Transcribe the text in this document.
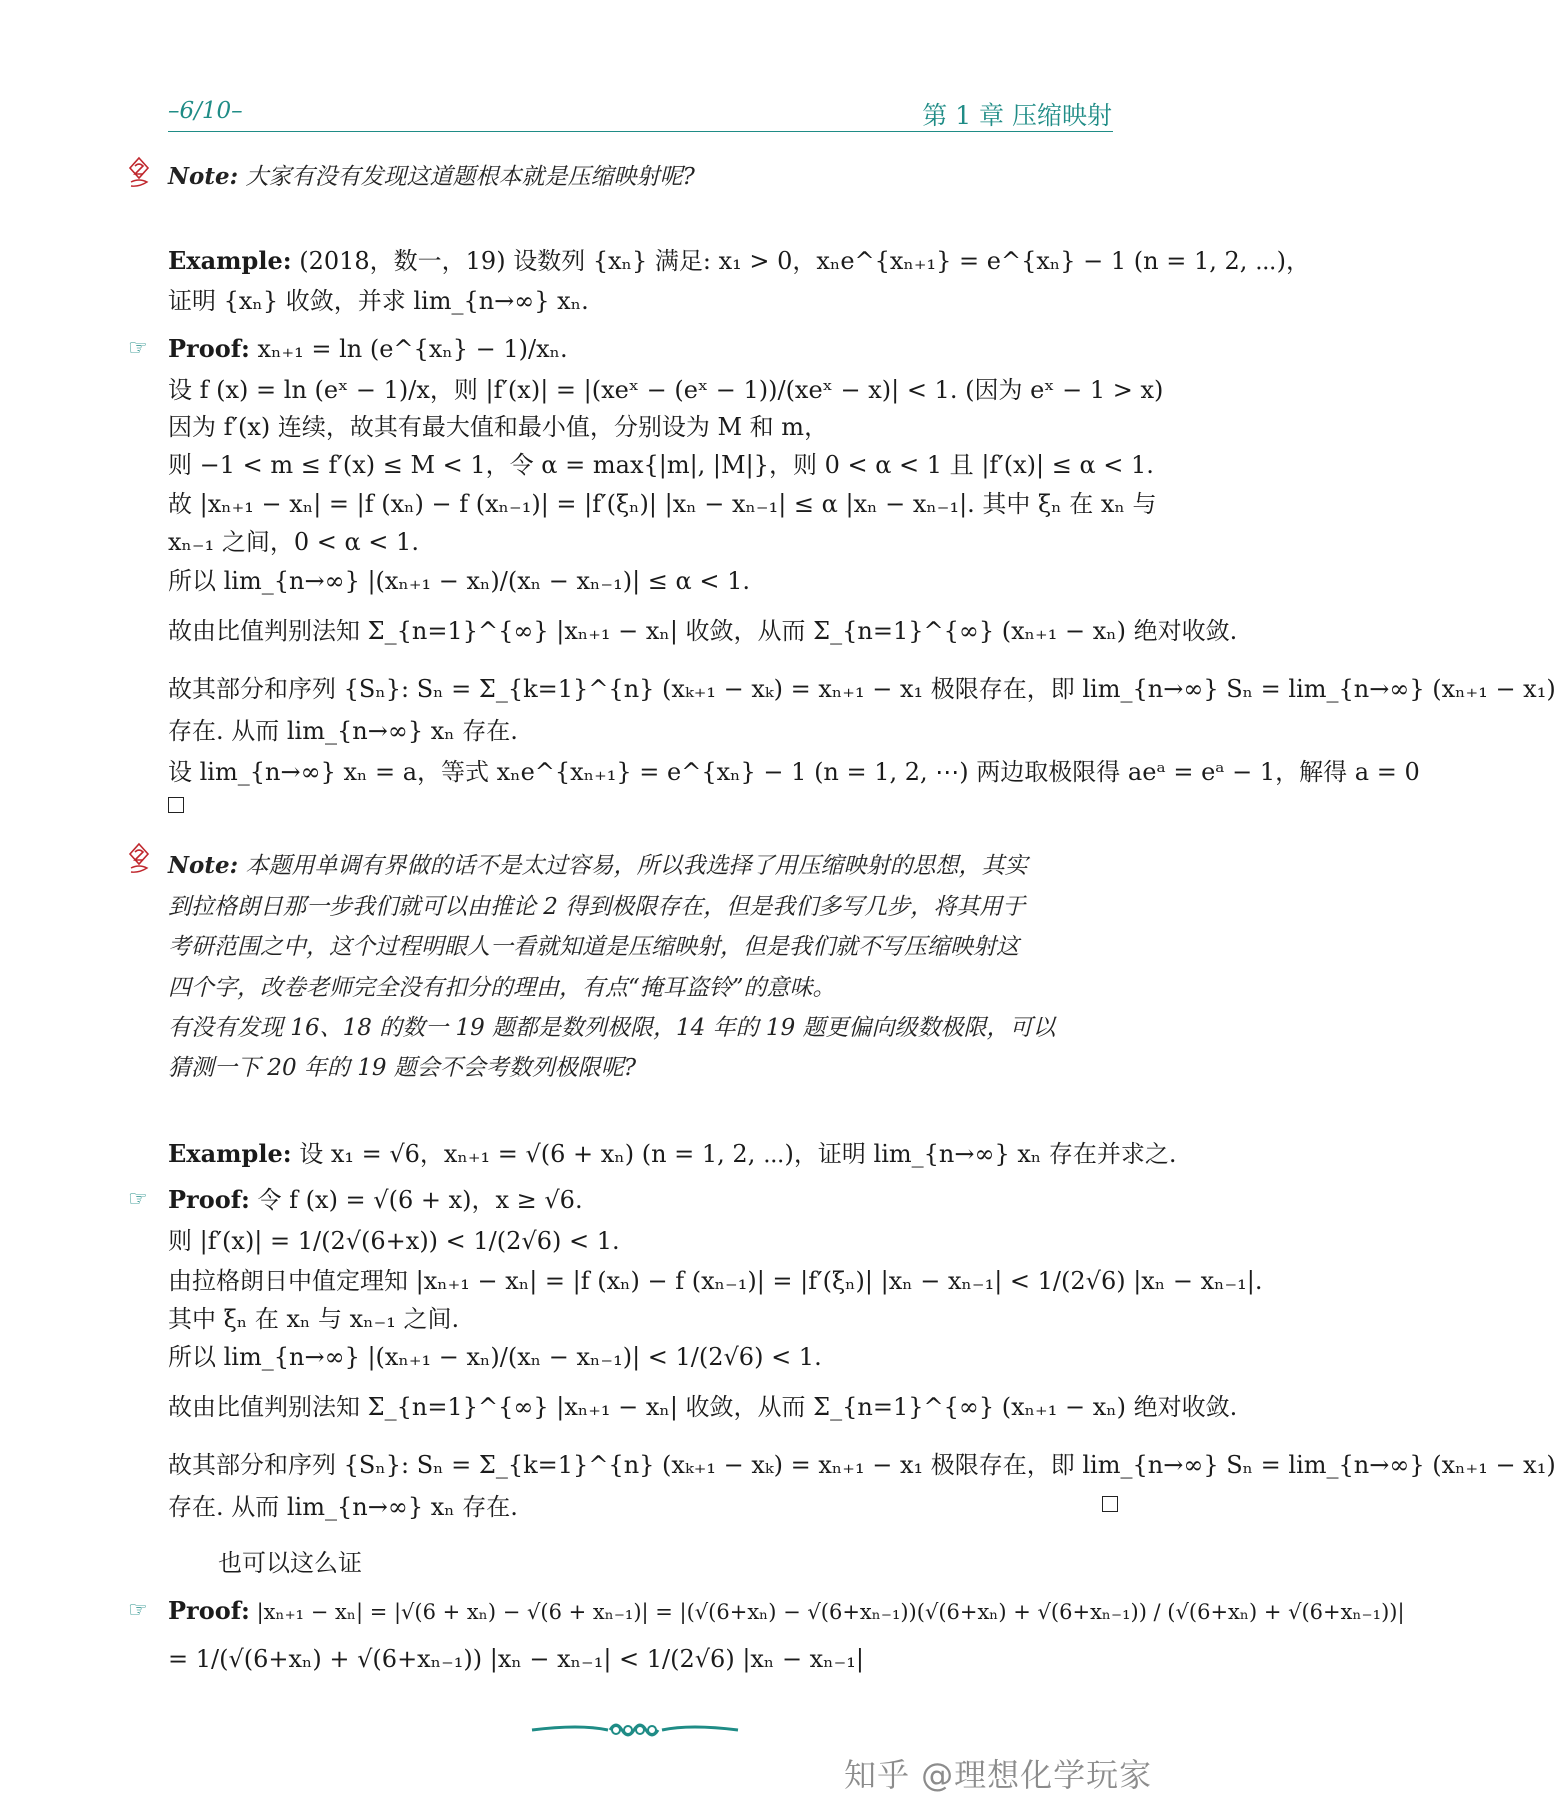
–6/10–	第 1 章 压缩映射
Note: 大家有没有发现这道题根本就是压缩映射呢?
Example: (2018，数一，19) 设数列 {xₙ} 满足: x₁ > 0，xₙe^{xₙ₊₁} = e^{xₙ} − 1 (n = 1, 2, ⋯)，
证明 {xₙ} 收敛，并求 lim_{n→∞} xₙ.
☞ Proof: xₙ₊₁ = ln (e^{xₙ} − 1)/xₙ.
设 f (x) = ln (eˣ − 1)/x，则 |f′(x)| = |(xeˣ − (eˣ − 1))/(xeˣ − x)| < 1. (因为 eˣ − 1 > x)
因为 f′(x) 连续，故其有最大值和最小值，分别设为 M 和 m，
则 −1 < m ≤ f′(x) ≤ M < 1，令 α = max{|m|, |M|}，则 0 < α < 1 且 |f′(x)| ≤ α < 1.
故 |xₙ₊₁ − xₙ| = |f (xₙ) − f (xₙ₋₁)| = |f′(ξₙ)| |xₙ − xₙ₋₁| ≤ α |xₙ − xₙ₋₁|. 其中 ξₙ 在 xₙ 与
xₙ₋₁ 之间，0 < α < 1.
所以 lim_{n→∞} |(xₙ₊₁ − xₙ)/(xₙ − xₙ₋₁)| ≤ α < 1.
故由比值判别法知 Σ_{n=1}^{∞} |xₙ₊₁ − xₙ| 收敛，从而 Σ_{n=1}^{∞} (xₙ₊₁ − xₙ) 绝对收敛.
故其部分和序列 {Sₙ}: Sₙ = Σ_{k=1}^{n} (xₖ₊₁ − xₖ) = xₙ₊₁ − x₁ 极限存在，即 lim_{n→∞} Sₙ = lim_{n→∞} (xₙ₊₁ − x₁)
存在. 从而 lim_{n→∞} xₙ 存在.
设 lim_{n→∞} xₙ = a，等式 xₙe^{xₙ₊₁} = e^{xₙ} − 1 (n = 1, 2, ⋯) 两边取极限得 aeᵃ = eᵃ − 1，解得 a = 0
Note: 本题用单调有界做的话不是太过容易，所以我选择了用压缩映射的思想，其实
到拉格朗日那一步我们就可以由推论 2 得到极限存在，但是我们多写几步，将其用于
考研范围之中，这个过程明眼人一看就知道是压缩映射，但是我们就不写压缩映射这
四个字，改卷老师完全没有扣分的理由，有点“掩耳盗铃”的意味。
有没有发现 16、18 的数一 19 题都是数列极限，14 年的 19 题更偏向级数极限，可以
猜测一下 20 年的 19 题会不会考数列极限呢?
Example: 设 x₁ = √6，xₙ₊₁ = √(6 + xₙ) (n = 1, 2, ⋯)，证明 lim_{n→∞} xₙ 存在并求之.
☞ Proof: 令 f (x) = √(6 + x)，x ≥ √6.
则 |f′(x)| = 1/(2√(6+x)) < 1/(2√6) < 1.
由拉格朗日中值定理知 |xₙ₊₁ − xₙ| = |f (xₙ) − f (xₙ₋₁)| = |f′(ξₙ)| |xₙ − xₙ₋₁| < 1/(2√6) |xₙ − xₙ₋₁|.
其中 ξₙ 在 xₙ 与 xₙ₋₁ 之间.
所以 lim_{n→∞} |(xₙ₊₁ − xₙ)/(xₙ − xₙ₋₁)| < 1/(2√6) < 1.
故由比值判别法知 Σ_{n=1}^{∞} |xₙ₊₁ − xₙ| 收敛，从而 Σ_{n=1}^{∞} (xₙ₊₁ − xₙ) 绝对收敛.
故其部分和序列 {Sₙ}: Sₙ = Σ_{k=1}^{n} (xₖ₊₁ − xₖ) = xₙ₊₁ − x₁ 极限存在，即 lim_{n→∞} Sₙ = lim_{n→∞} (xₙ₊₁ − x₁)
存在. 从而 lim_{n→∞} xₙ 存在.
也可以这么证
☞ Proof: |xₙ₊₁ − xₙ| = |√(6 + xₙ) − √(6 + xₙ₋₁)| = |(√(6+xₙ) − √(6+xₙ₋₁))(√(6+xₙ) + √(6+xₙ₋₁)) / (√(6+xₙ) + √(6+xₙ₋₁))|
= 1/(√(6+xₙ) + √(6+xₙ₋₁)) |xₙ − xₙ₋₁| < 1/(2√6) |xₙ − xₙ₋₁|
知乎 @理想化学玩家
